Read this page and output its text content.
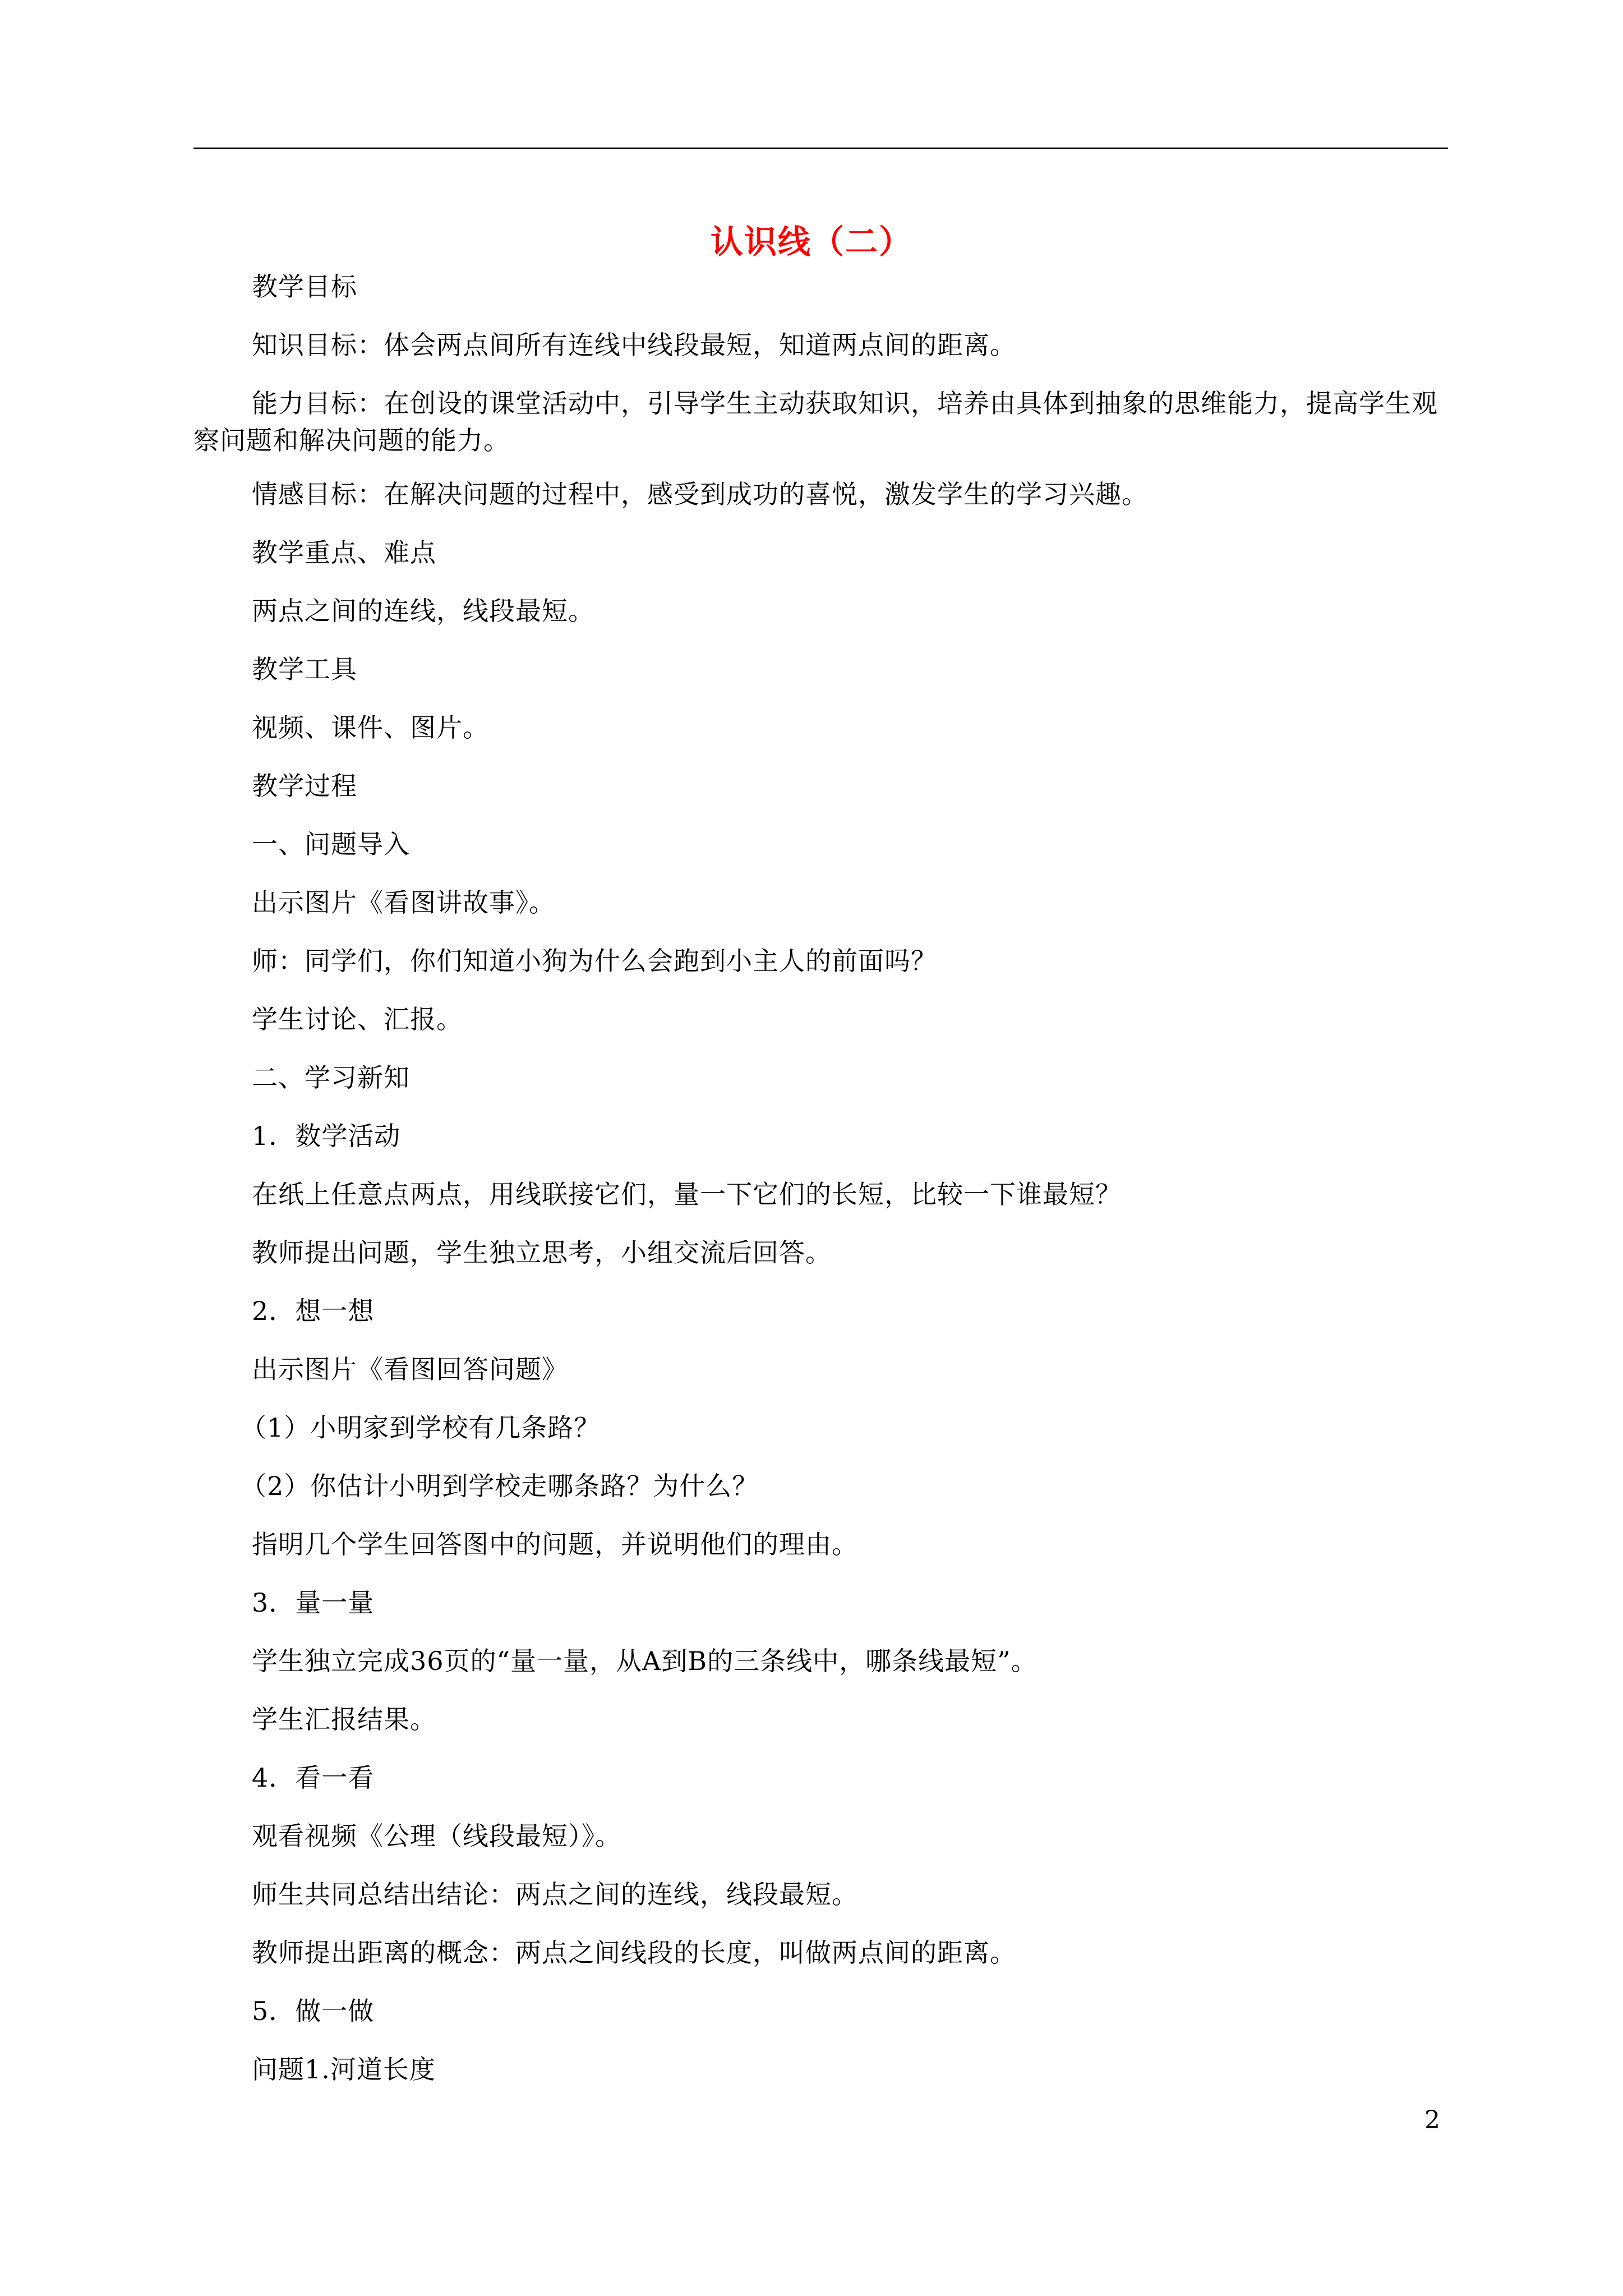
认识线（二）

教学目标

知识目标：体会两点间所有连线中线段最短，知道两点间的距离。

能力目标：在创设的课堂活动中，引导学生主动获取知识，培养由具体到抽象的思维能力，提高学生观察问题和解决问题的能力。

情感目标：在解决问题的过程中，感受到成功的喜悦，激发学生的学习兴趣。

教学重点、难点

两点之间的连线，线段最短。

教学工具

视频、课件、图片。

教学过程

一、问题导入

出示图片《看图讲故事》。

师：同学们，你们知道小狗为什么会跑到小主人的前面吗？

学生讨论、汇报。

二、学习新知

1．数学活动

在纸上任意点两点，用线联接它们，量一下它们的长短，比较一下谁最短？

教师提出问题，学生独立思考，小组交流后回答。

2．想一想

出示图片《看图回答问题》

（1）小明家到学校有几条路？

（2）你估计小明到学校走哪条路？为什么？

指明几个学生回答图中的问题，并说明他们的理由。

3．量一量

学生独立完成36页的“量一量，从A到B的三条线中，哪条线最短”。

学生汇报结果。

4．看一看

观看视频《公理（线段最短）》。

师生共同总结出结论：两点之间的连线，线段最短。

教师提出距离的概念：两点之间线段的长度，叫做两点间的距离。

5．做一做

问题1.河道长度

2
